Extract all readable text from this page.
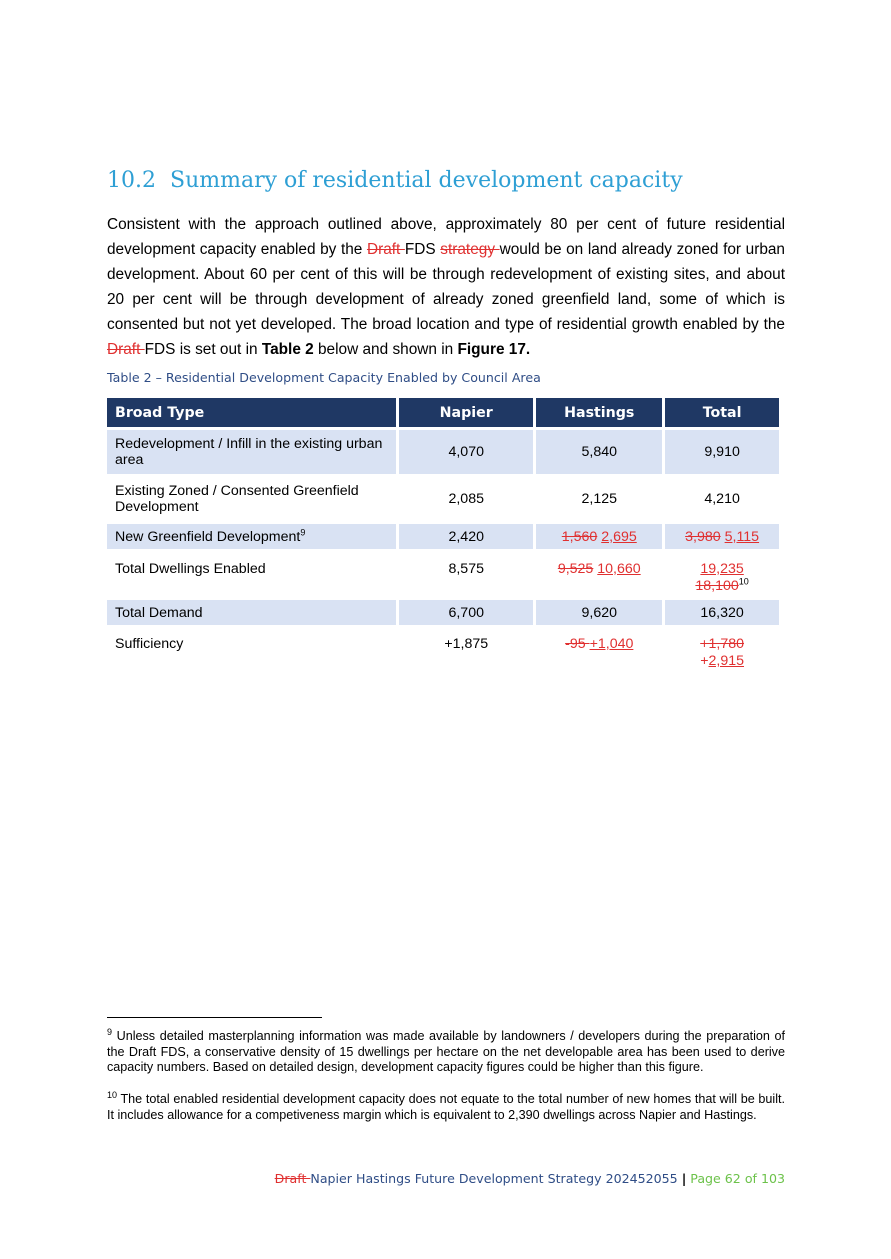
10.2 Summary of residential development capacity

Consistent with the approach outlined above, approximately 80 per cent of future residential development capacity enabled by the Draft FDS strategy would be on land already zoned for urban development. About 60 per cent of this will be through redevelopment of existing sites, and about 20 per cent will be through development of already zoned greenfield land, some of which is consented but not yet developed. The broad location and type of residential growth enabled by the Draft FDS is set out in Table 2 below and shown in Figure 17.

Table 2 – Residential Development Capacity Enabled by Council Area

Broad Type	Napier	Hastings	Total

Redevelopment / Infill in the existing urban area	4,070	5,840	9,910
Existing Zoned / Consented Greenfield Development	2,085	2,125	4,210
New Greenfield Development$^9$	2,420	1,560 2,695	3,980 5,115
Total Dwellings Enabled	8,575	9,525 10,660	19,235
18,100$^{10}$

Total Demand	6,700	9,620	16,320
Sufficiency	+1,875	-95 +1,040	+1,780
+2,915

$^9$ Unless detailed masterplanning information was made available by landowners / developers during the preparation of the Draft FDS, a conservative density of 15 dwellings per hectare on the net developable area has been used to derive capacity numbers. Based on detailed design, development capacity figures could be higher than this figure.

$^{10}$ The total enabled residential development capacity does not equate to the total number of new homes that will be built. It includes allowance for a competiveness margin which is equivalent to 2,390 dwellings across Napier and Hastings.

Draft Napier Hastings Future Development Strategy 202452055 | Page 62 of 103
